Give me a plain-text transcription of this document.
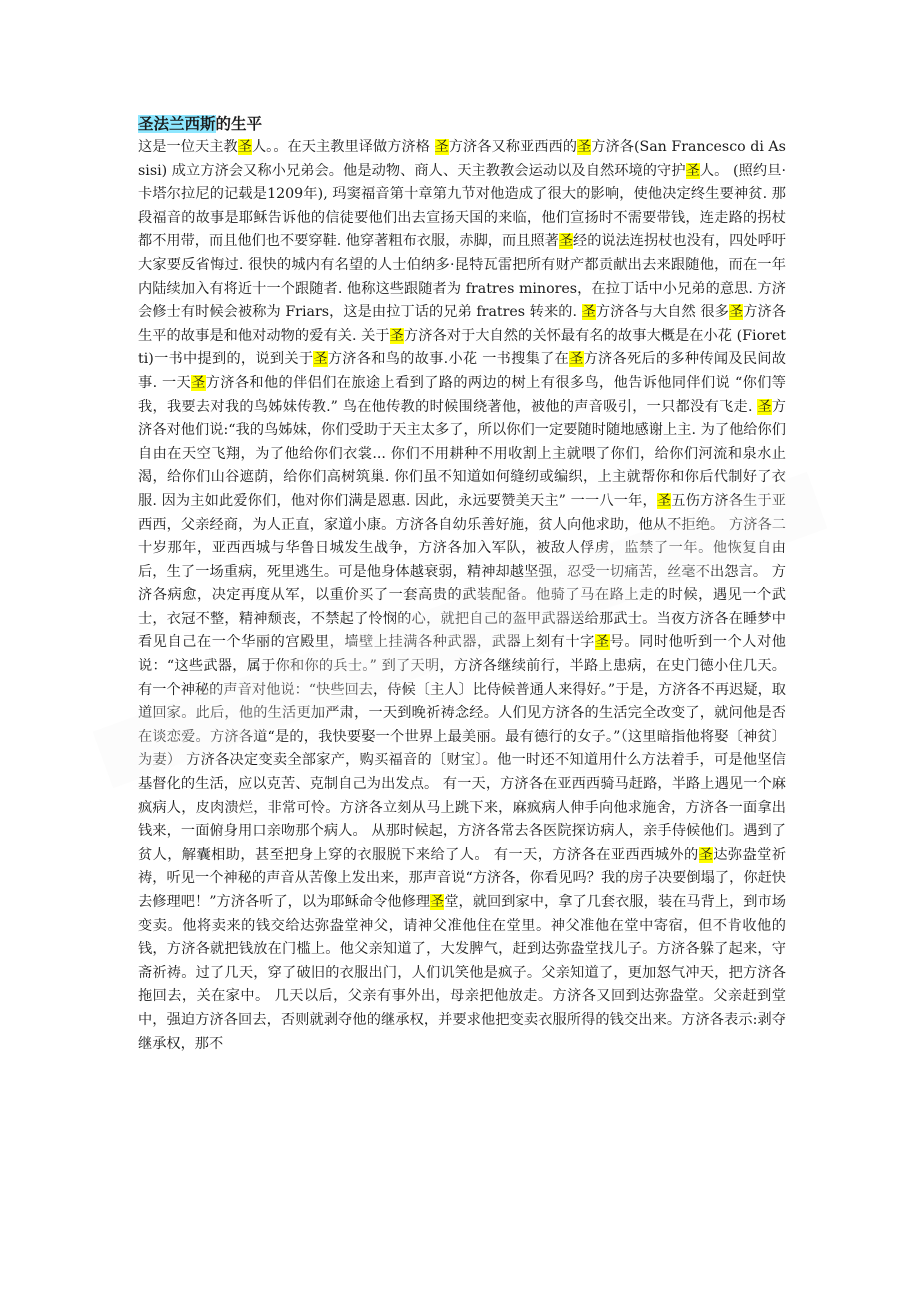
圣法兰西斯的生平

这是一位天主教圣人。。在天主教里译做方济格 圣方济各又称亚西西的圣方济各(San Francesco di Assisi) 成立方济会又称小兄弟会。他是动物、商人、天主教教会运动以及自然环境的守护圣人。 (照约旦·卡塔尔拉尼的记载是1209年), 玛窦福音第十章第九节对他造成了很大的影响，使他决定终生要神贫. 那段福音的故事是耶稣告诉他的信徒要他们出去宣扬天国的来临，他们宣扬时不需要带钱，连走路的拐杖都不用带，而且他们也不要穿鞋. 他穿著粗布衣服，赤脚，而且照著圣经的说法连拐杖也没有，四处呼吁大家要反省悔过. 很快的城内有名望的人士伯纳多·昆特瓦雷把所有财产都贡献出去来跟随他，而在一年内陆续加入有将近十一个跟随者. 他称这些跟随者为 fratres minores，在拉丁话中小兄弟的意思. 方济会修士有时候会被称为 Friars，这是由拉丁话的兄弟 fratres 转来的. 圣方济各与大自然 很多圣方济各生平的故事是和他对动物的爱有关. 关于圣方济各对于大自然的关怀最有名的故事大概是在小花 (Fioretti)一书中提到的，说到关于圣方济各和鸟的故事.小花 一书搜集了在圣方济各死后的多种传闻及民间故事. 一天圣方济各和他的伴侣们在旅途上看到了路的两边的树上有很多鸟，他告诉他同伴们说 “你们等我，我要去对我的鸟姊妹传教.” 鸟在他传教的时候围绕著他，被他的声音吸引，一只都没有飞走. 圣方济各对他们说:“我的鸟姊妹，你们受助于天主太多了，所以你们一定要随时随地感谢上主. 为了他给你们自由在天空飞翔，为了他给你们衣裳... 你们不用耕种不用收割上主就喂了你们，给你们河流和泉水止渴，给你们山谷遮荫，给你们高树筑巢. 你们虽不知道如何缝纫或编织，上主就帮你和你后代制好了衣服. 因为主如此爱你们，他对你们满是恩惠. 因此，永远要赞美天主” 一一八一年，圣五伤方济各生于亚西西，父亲经商，为人正直，家道小康。方济各自幼乐善好施，贫人向他求助，他从不拒绝。 方济各二十岁那年，亚西西城与华鲁日城发生战争，方济各加入军队，被敌人俘虏，监禁了一年。他恢复自由后，生了一场重病，死里逃生。可是他身体越衰弱，精神却越坚强，忍受一切痛苦，丝毫不出怨言。 方济各病愈，决定再度从军，以重价买了一套高贵的武装配备。他骑了马在路上走的时候，遇见一个武士，衣冠不整，精神颓丧，不禁起了怜悯的心，就把自己的盔甲武器送给那武士。当夜方济各在睡梦中看见自己在一个华丽的宫殿里，墙壁上挂满各种武器，武器上刻有十字圣号。同时他听到一个人对他说：“这些武器，属于你和你的兵士。” 到了天明，方济各继续前行，半路上患病，在史门德小住几天。有一个神秘的声音对他说：“快些回去，侍候〔主人〕比侍候普通人来得好。”于是，方济各不再迟疑，取道回家。此后，他的生活更加严肃，一天到晚祈祷念经。人们见方济各的生活完全改变了，就问他是否在谈恋爱。方济各道“是的，我快要娶一个世界上最美丽。最有德行的女子。”（这里暗指他将娶〔神贫〕为妻） 方济各决定变卖全部家产，购买福音的〔财宝〕。他一时还不知道用什么方法着手，可是他坚信基督化的生活，应以克苦、克制自己为出发点。 有一天，方济各在亚西西骑马赶路，半路上遇见一个麻疯病人，皮肉溃烂，非常可怜。方济各立刻从马上跳下来，麻疯病人伸手向他求施舍，方济各一面拿出钱来，一面俯身用口亲吻那个病人。 从那时候起，方济各常去各医院探访病人，亲手侍候他们。遇到了贫人，解囊相助，甚至把身上穿的衣服脱下来给了人。 有一天，方济各在亚西西城外的圣达弥盎堂祈祷，听见一个神秘的声音从苦像上发出来，那声音说“方济各，你看见吗？我的房子决要倒塌了，你赶快去修理吧！”方济各听了，以为耶稣命令他修理圣堂，就回到家中，拿了几套衣服，装在马背上，到市场变卖。他将卖来的钱交给达弥盎堂神父，请神父准他住在堂里。神父准他在堂中寄宿，但不肯收他的钱，方济各就把钱放在门槛上。他父亲知道了，大发脾气，赶到达弥盎堂找儿子。方济各躲了起来，守斋祈祷。过了几天，穿了破旧的衣服出门，人们讥笑他是疯子。父亲知道了，更加怒气冲天，把方济各拖回去，关在家中。 几天以后，父亲有事外出，母亲把他放走。方济各又回到达弥盎堂。父亲赶到堂中，强迫方济各回去，否则就剥夺他的继承权，并要求他把变卖衣服所得的钱交出来。方济各表示:剥夺继承权，那不
